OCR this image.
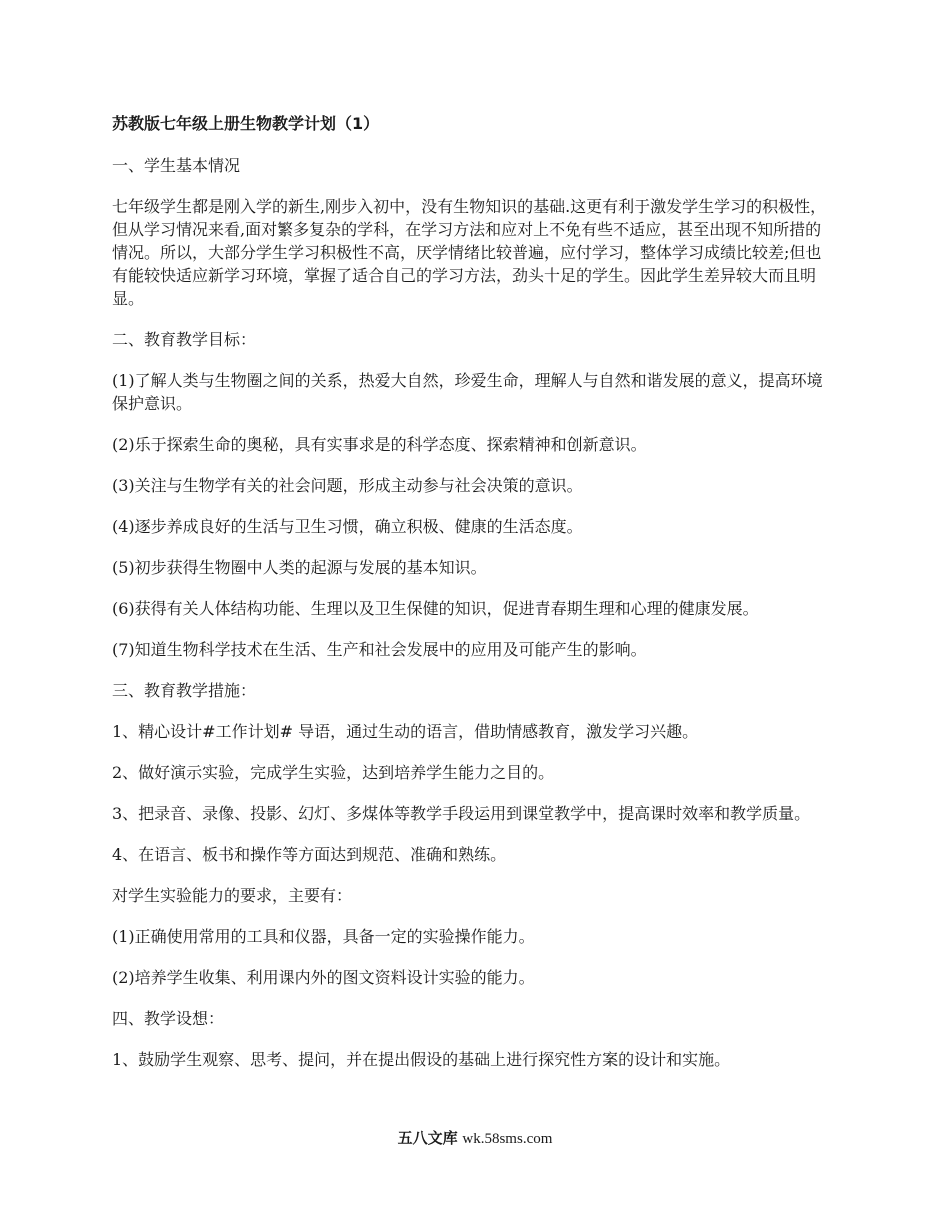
苏教版七年级上册生物教学计划（1）
一、学生基本情况
七年级学生都是刚入学的新生,刚步入初中，没有生物知识的基础.这更有利于激发学生学习的积极性，但从学习情况来看,面对繁多复杂的学科，在学习方法和应对上不免有些不适应，甚至出现不知所措的情况。所以，大部分学生学习积极性不高，厌学情绪比较普遍，应付学习，整体学习成绩比较差;但也有能较快适应新学习环境，掌握了适合自己的学习方法，劲头十足的学生。因此学生差异较大而且明显。
二、教育教学目标：
(1)了解人类与生物圈之间的关系，热爱大自然，珍爱生命，理解人与自然和谐发展的意义，提高环境保护意识。
(2)乐于探索生命的奥秘，具有实事求是的科学态度、探索精神和创新意识。
(3)关注与生物学有关的社会问题，形成主动参与社会决策的意识。
(4)逐步养成良好的生活与卫生习惯，确立积极、健康的生活态度。
(5)初步获得生物圈中人类的起源与发展的基本知识。
(6)获得有关人体结构功能、生理以及卫生保健的知识，促进青春期生理和心理的健康发展。
(7)知道生物科学技术在生活、生产和社会发展中的应用及可能产生的影响。
三、教育教学措施：
1、精心设计#工作计划# 导语，通过生动的语言，借助情感教育，激发学习兴趣。
2、做好演示实验，完成学生实验，达到培养学生能力之目的。
3、把录音、录像、投影、幻灯、多煤体等教学手段运用到课堂教学中，提高课时效率和教学质量。
4、在语言、板书和操作等方面达到规范、准确和熟练。
对学生实验能力的要求，主要有：
(1)正确使用常用的工具和仪器，具备一定的实验操作能力。
(2)培养学生收集、利用课内外的图文资料设计实验的能力。
四、教学设想：
1、鼓励学生观察、思考、提问，并在提出假设的基础上进行探究性方案的设计和实施。
五八文库 wk.58sms.com
